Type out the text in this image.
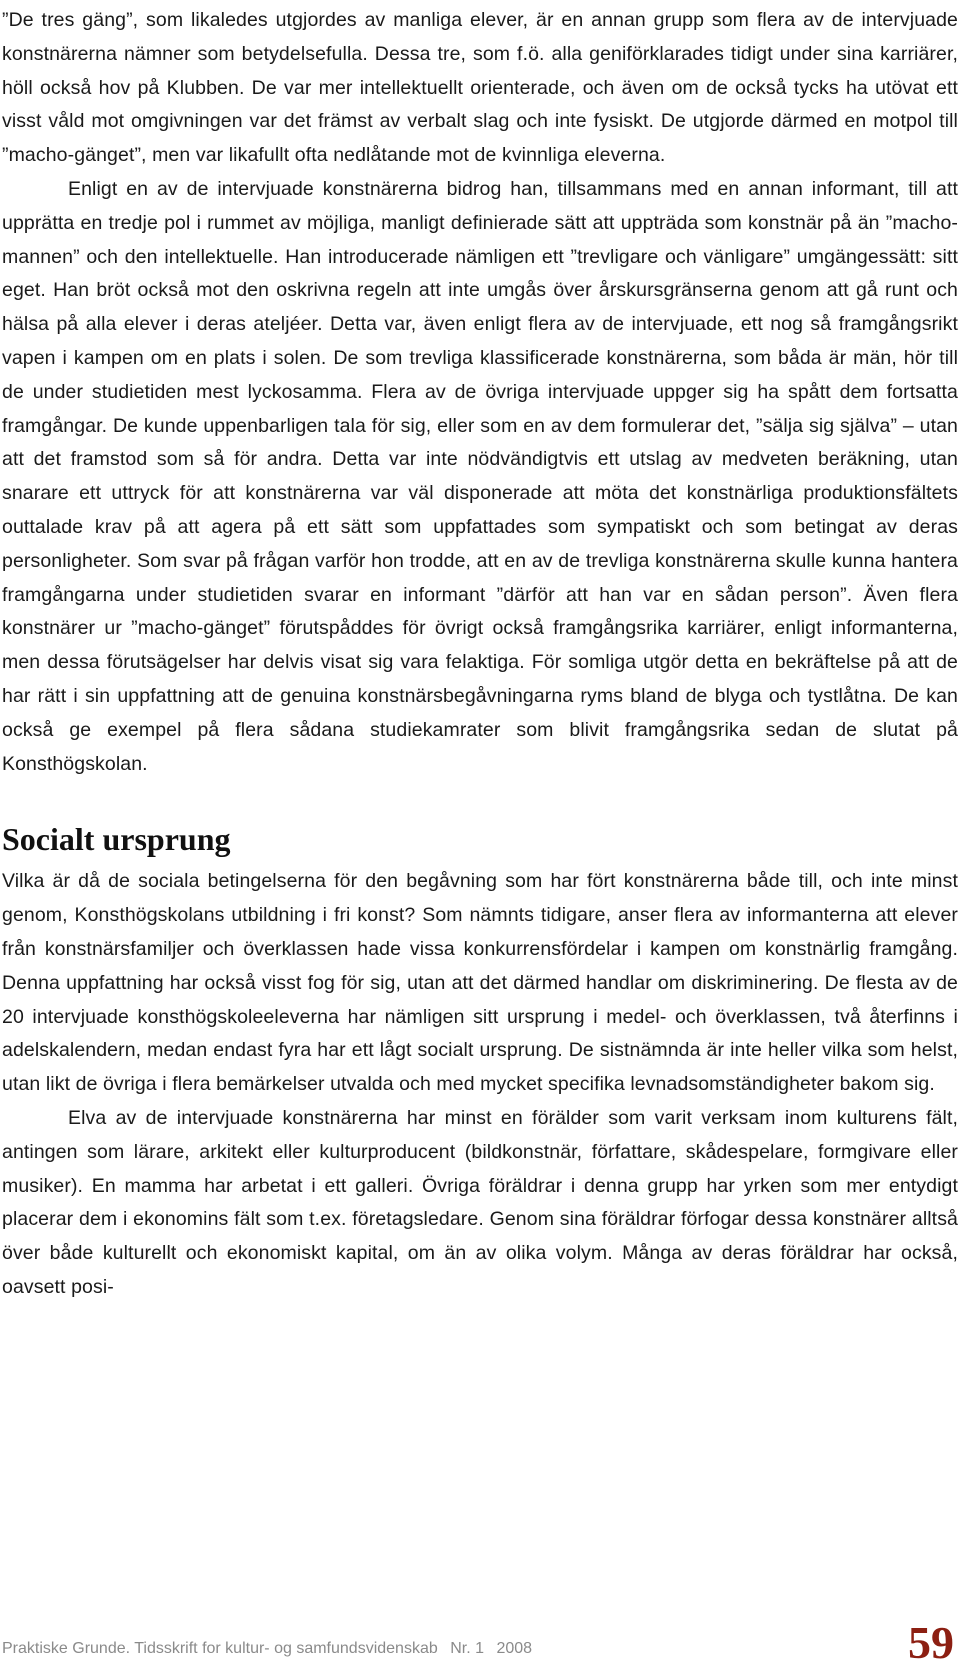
”De tres gäng”, som likaledes utgjordes av manliga elever, är en annan grupp som flera av de intervjuade konstnärerna nämner som betydelsefulla. Dessa tre, som f.ö. alla geniförklarades tidigt under sina karriärer, höll också hov på Klubben. De var mer intellektuellt orienterade, och även om de också tycks ha utövat ett visst våld mot omgivningen var det främst av verbalt slag och inte fysiskt. De utgjorde därmed en motpol till ”macho-gänget”, men var likafullt ofta nedlåtande mot de kvinnliga eleverna.

Enligt en av de intervjuade konstnärerna bidrog han, tillsammans med en annan informant, till att upprätta en tredje pol i rummet av möjliga, manligt definierade sätt att uppträda som konstnär på än ”macho-mannen” och den intellektuelle. Han introducerade nämligen ett ”trevligare och vänligare” umgängessätt: sitt eget. Han bröt också mot den oskrivna regeln att inte umgås över årskursgränserna genom att gå runt och hälsa på alla elever i deras ateljéer. Detta var, även enligt flera av de intervjuade, ett nog så framgångsrikt vapen i kampen om en plats i solen. De som trevliga klassificerade konstnärerna, som båda är män, hör till de under studietiden mest lyckosamma. Flera av de övriga intervjuade uppger sig ha spått dem fortsatta framgångar. De kunde uppenbarligen tala för sig, eller som en av dem formulerar det, ”sälja sig själva” – utan att det framstod som så för andra. Detta var inte nödvändigtvis ett utslag av medveten beräkning, utan snarare ett uttryck för att konstnärerna var väl disponerade att möta det konstnärliga produktionsfältets outtalade krav på att agera på ett sätt som uppfattades som sympatiskt och som betingat av deras personligheter. Som svar på frågan varför hon trodde, att en av de trevliga konstnärerna skulle kunna hantera framgångarna under studietiden svarar en informant ”därför att han var en sådan person”. Även flera konstnärer ur ”macho-gänget” förutspåddes för övrigt också framgångsrika karriärer, enligt informanterna, men dessa förutsägelser har delvis visat sig vara felaktiga. För somliga utgör detta en bekräftelse på att de har rätt i sin uppfattning att de genuina konstnärsbegåvningarna ryms bland de blyga och tystlåtna. De kan också ge exempel på flera sådana studiekamrater som blivit framgångsrika sedan de slutat på Konsthögskolan.

Socialt ursprung

Vilka är då de sociala betingelserna för den begåvning som har fört konstnärerna både till, och inte minst genom, Konsthögskolans utbildning i fri konst? Som nämnts tidigare, anser flera av informanterna att elever från konstnärsfamiljer och överklassen hade vissa konkurrensfördelar i kampen om konstnärlig framgång. Denna uppfattning har också visst fog för sig, utan att det därmed handlar om diskriminering. De flesta av de 20 intervjuade konsthögskoleeleverna har nämligen sitt ursprung i medel- och överklassen, två återfinns i adelskalendern, medan endast fyra har ett lågt socialt ursprung. De sistnämnda är inte heller vilka som helst, utan likt de övriga i flera bemärkelser utvalda och med mycket specifika levnadsomständigheter bakom sig.

Elva av de intervjuade konstnärerna har minst en förälder som varit verksam inom kulturens fält, antingen som lärare, arkitekt eller kulturproducent (bildkonstnär, författare, skådespelare, formgivare eller musiker). En mamma har arbetat i ett galleri. Övriga föräldrar i denna grupp har yrken som mer entydigt placerar dem i ekonomins fält som t.ex. företagsledare. Genom sina föräldrar förfogar dessa konstnärer alltså över både kulturellt och ekonomiskt kapital, om än av olika volym. Många av deras föräldrar har också, oavsett posi-

Praktiske Grunde. Tidsskrift for kultur- og samfundsvidenskab Nr. 1 2008	59
